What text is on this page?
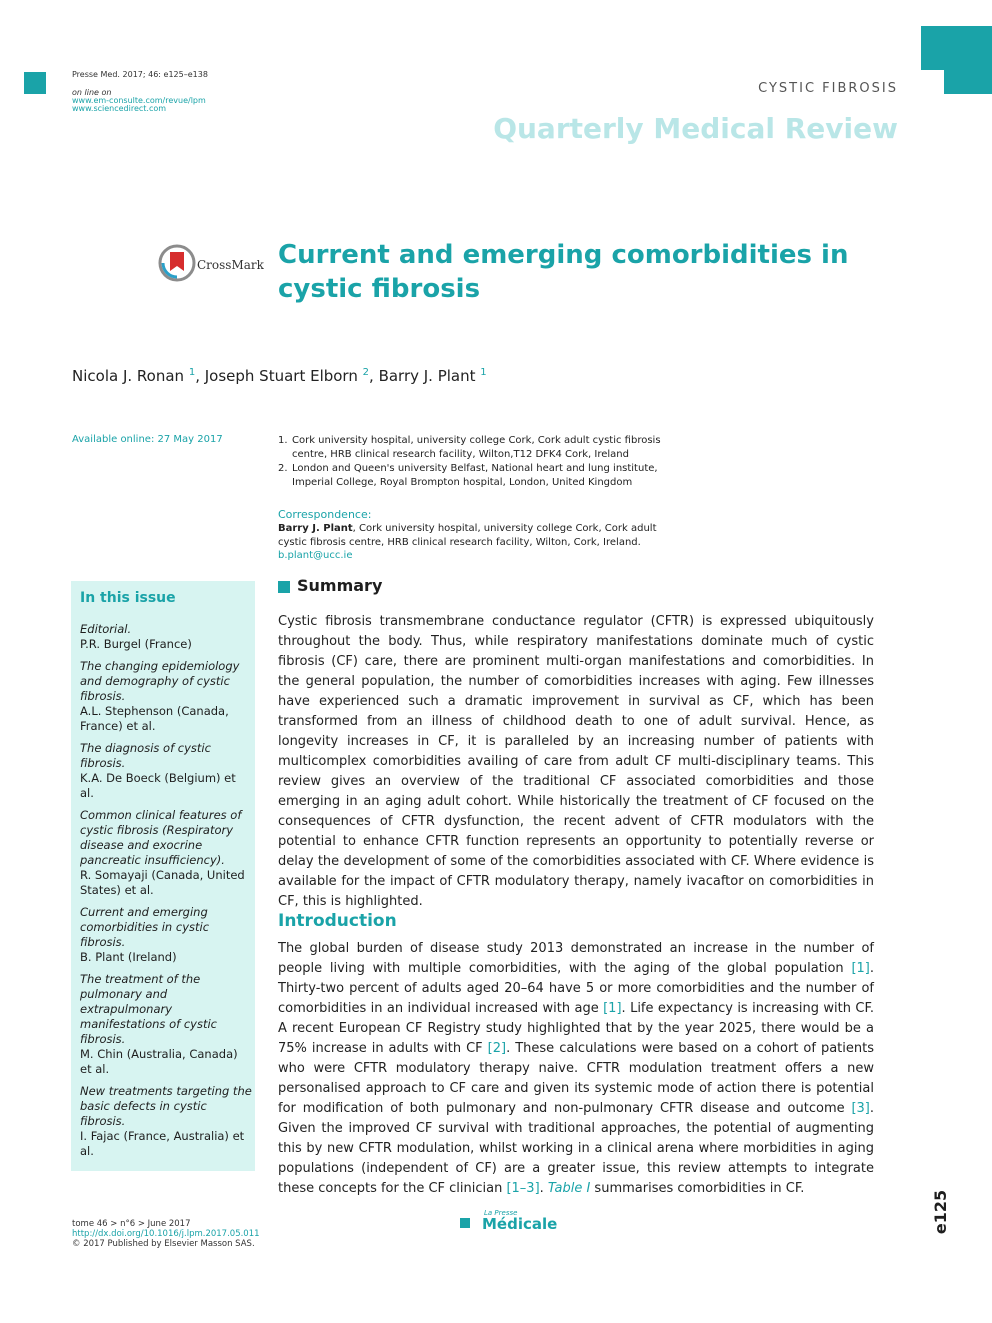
Presse Med. 2017; 46: e125–e138
on line on
www.em-consulte.com/revue/lpm
www.sciencedirect.com
CYSTIC FIBROSIS
Quarterly Medical Review
CrossMark Current and emerging comorbidities in cystic fibrosis
Nicola J. Ronan $^1$, Joseph Stuart Elborn $^2$, Barry J. Plant $^1$
Available online: 27 May 2017	1. Cork university hospital, university college Cork, Cork adult cystic fibrosis centre, HRB clinical research facility, Wilton,T12 DFK4 Cork, Ireland
2. London and Queen's university Belfast, National heart and lung institute, Imperial College, Royal Brompton hospital, London, United Kingdom
Correspondence:
Barry J. Plant, Cork university hospital, university college Cork, Cork adult cystic fibrosis centre, HRB clinical research facility, Wilton, Cork, Ireland.
b.plant@ucc.ie
In this issue
Editorial.
P.R. Burgel (France)
The changing epidemiology and demography of cystic fibrosis.
A.L. Stephenson (Canada, France) et al.
The diagnosis of cystic fibrosis.
K.A. De Boeck (Belgium) et al.
Common clinical features of cystic fibrosis (Respiratory disease and exocrine pancreatic insufficiency).
R. Somayaji (Canada, United States) et al.
Current and emerging comorbidities in cystic fibrosis.
B. Plant (Ireland)
The treatment of the pulmonary and extrapulmonary manifestations of cystic fibrosis.
M. Chin (Australia, Canada) et al.
New treatments targeting the basic defects in cystic fibrosis.
I. Fajac (France, Australia) et al.
Summary
Cystic fibrosis transmembrane conductance regulator (CFTR) is expressed ubiquitously throughout the body. Thus, while respiratory manifestations dominate much of cystic fibrosis (CF) care, there are prominent multi-organ manifestations and comorbidities. In the general population, the number of comorbidities increases with aging. Few illnesses have experienced such a dramatic improvement in survival as CF, which has been transformed from an illness of childhood death to one of adult survival. Hence, as longevity increases in CF, it is paralleled by an increasing number of patients with multicomplex comorbidities availing of care from adult CF multi-disciplinary teams. This review gives an overview of the traditional CF associated comorbidities and those emerging in an aging adult cohort. While historically the treatment of CF focused on the consequences of CFTR dysfunction, the recent advent of CFTR modulators with the potential to enhance CFTR function represents an opportunity to potentially reverse or delay the development of some of the comorbidities associated with CF. Where evidence is available for the impact of CFTR modulatory therapy, namely ivacaftor on comorbidities in CF, this is highlighted.
Introduction
The global burden of disease study 2013 demonstrated an increase in the number of people living with multiple comorbidities, with the aging of the global population [1]. Thirty-two percent of adults aged 20–64 have 5 or more comorbidities and the number of comorbidities in an individual increased with age [1]. Life expectancy is increasing with CF. A recent European CF Registry study highlighted that by the year 2025, there would be a 75% increase in adults with CF [2]. These calculations were based on a cohort of patients who were CFTR modulatory therapy naive. CFTR modulation treatment offers a new personalised approach to CF care and given its systemic mode of action there is potential for modification of both pulmonary and non-pulmonary CFTR disease and outcome [3]. Given the improved CF survival with traditional approaches, the potential of augmenting this by new CFTR modulation, whilst working in a clinical arena where morbidities in aging populations (independent of CF) are a greater issue, this review attempts to integrate these concepts for the CF clinician [1–3]. Table I summarises comorbidities in CF.
tome 46 > n°6 > June 2017
http://dx.doi.org/10.1016/j.lpm.2017.05.011
© 2017 Published by Elsevier Masson SAS.
La Presse
Médicale	e125
